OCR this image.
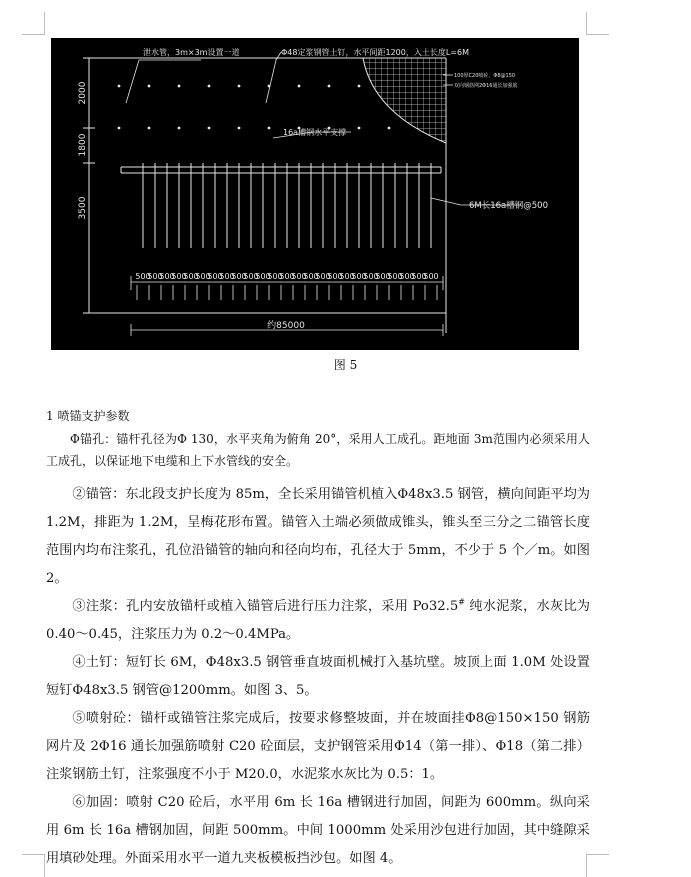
2000
1800
3500
500
500
500
500
500
500
500
500
500
500
500
500
500
500
500
500
500
500
500
500
500
500
500
500
500
泄水管，3m×3m设置一道	Φ48定浆钢管土钉，水平间距1200，入土长度L=6M
16a槽钢水平支撑
6M长16a槽钢@500
100厚C20喷砼，Φ8@150
双向钢筋网2Φ16通长加强筋
约85000
图 5
1 喷锚支护参数

Φ锚孔：锚杆孔径为Φ 130，水平夹角为俯角 20°，采用人工成孔。距地面 3m范围内必须采用人工成孔，以保证地下电缆和上下水管线的安全。

②锚管：东北段支护长度为 85m，全长采用锚管机植入Φ48x3.5 钢管，横向间距平均为 1.2M，排距为 1.2M，呈梅花形布置。锚管入土端必须做成锥头，锥头至三分之二锚管长度范围内均布注浆孔，孔位沿锚管的轴向和径向均布，孔径大于 5mm，不少于 5 个／m。如图 2。

③注浆：孔内安放锚杆或植入锚管后进行压力注浆，采用 Po32.5# 纯水泥浆，水灰比为 0.40～0.45，注浆压力为 0.2～0.4MPa。

④土钉：短钉长 6M，Φ48x3.5 钢管垂直坡面机械打入基坑壁。坡顶上面 1.0M 处设置短钉Φ48x3.5 钢管@1200mm。如图 3、5。

⑤喷射砼：锚杆或锚管注浆完成后，按要求修整坡面，并在坡面挂Φ8@150×150 钢筋网片及 2Φ16 通长加强筋喷射 C20 砼面层，支护钢管采用Φ14（第一排）、Φ18（第二排）注浆钢筋土钉，注浆强度不小于 M20.0，水泥浆水灰比为 0.5：1。

⑥加固：喷射 C20 砼后，水平用 6m 长 16a 槽钢进行加固，间距为 600mm。纵向采用 6m 长 16a 槽钢加固，间距 500mm。中间 1000mm 处采用沙包进行加固，其中缝隙采用填砂处理。外面采用水平一道九夹板模板挡沙包。如图 4。
